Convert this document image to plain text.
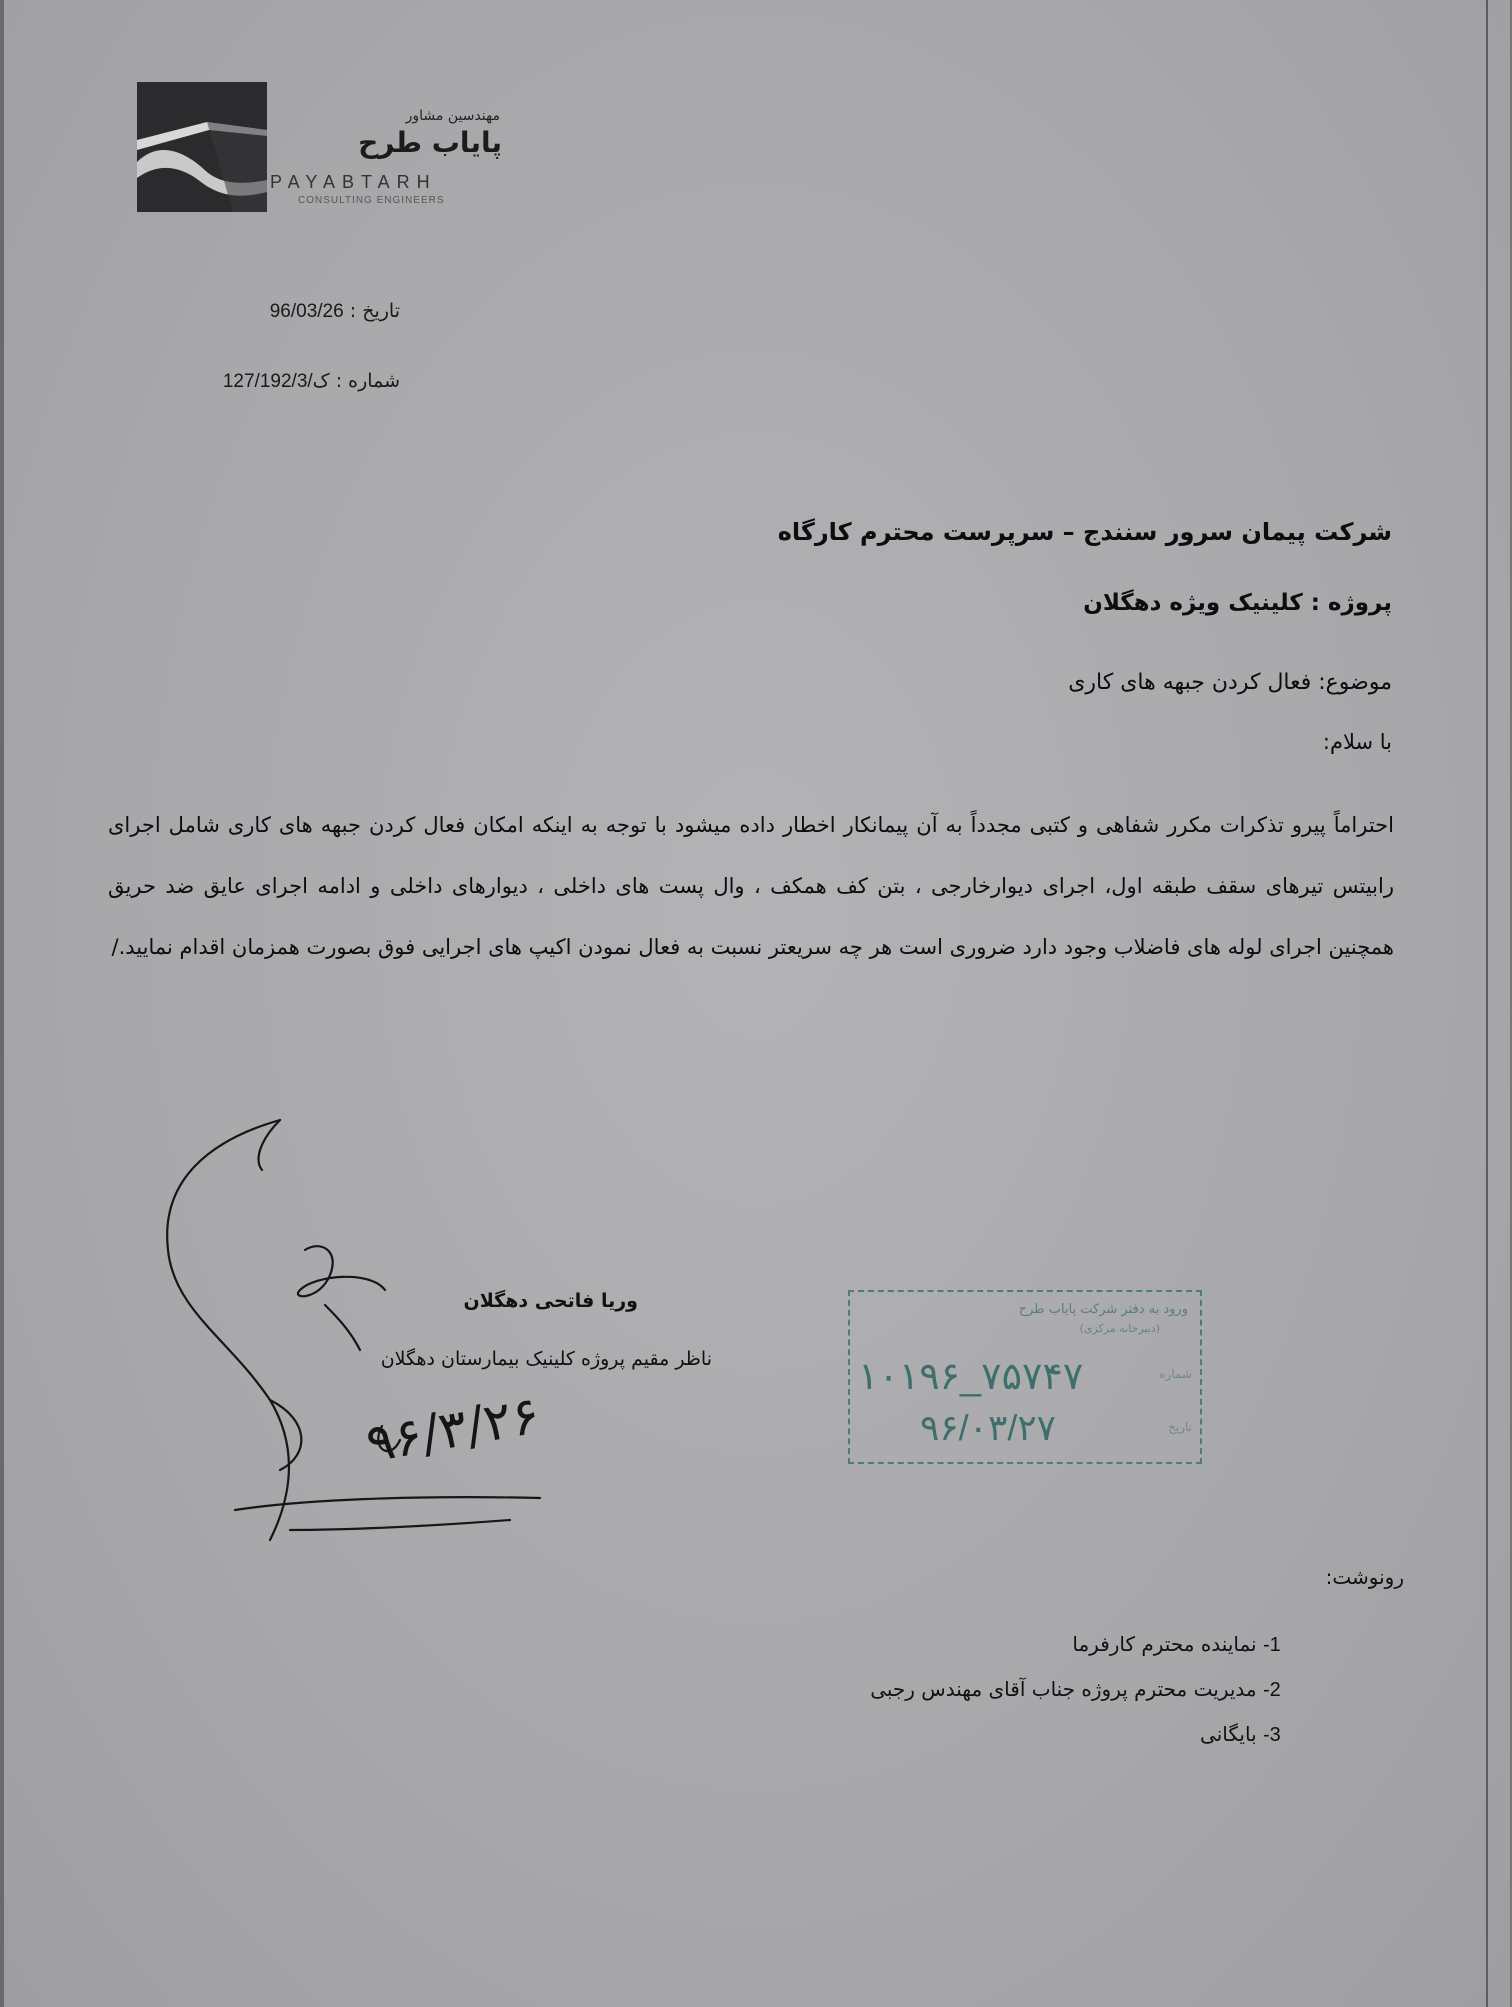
مهندسین مشاور
پایاب طرح
PAYABTARH
CONSULTING ENGINEERS
تاریخ : 96/03/26
شماره : 127/ک/192/3
شرکت پیمان سرور سنندج – سرپرست محترم کارگاه
پروژه : کلینیک ویژه دهگلان
موضوع: فعال کردن جبهه های کاری
با سلام:
احتراماً پیرو تذکرات مکرر شفاهی و کتبی مجدداً به آن پیمانکار اخطار داده میشود با توجه به اینکه امکان فعال کردن جبهه های کاری شامل اجرای رابیتس تیرهای سقف طبقه اول، اجرای دیوارخارجی ، بتن کف همکف ، وال پست های داخلی ، دیوارهای داخلی و ادامه اجرای عایق ضد حریق همچنین اجرای لوله های فاضلاب وجود دارد ضروری است هر چه سریعتر نسبت به فعال نمودن اکیپ های اجرایی فوق بصورت همزمان اقدام نمایید./
۹۶/۳/۲۶
وریا فاتحی دهگلان
ناظر مقیم پروژه کلینیک بیمارستان دهگلان
ورود به دفتر شرکت پایاب طرح
(دبیرخانه مرکزی)
شماره
۱۰۱۹۶_۷۵۷۴۷
تاریخ
۹۶/۰۳/۲۷
رونوشت:
-1 نماینده محترم کارفرما
-2 مدیریت محترم پروژه جناب آقای مهندس رجبی
-3 بایگانی
